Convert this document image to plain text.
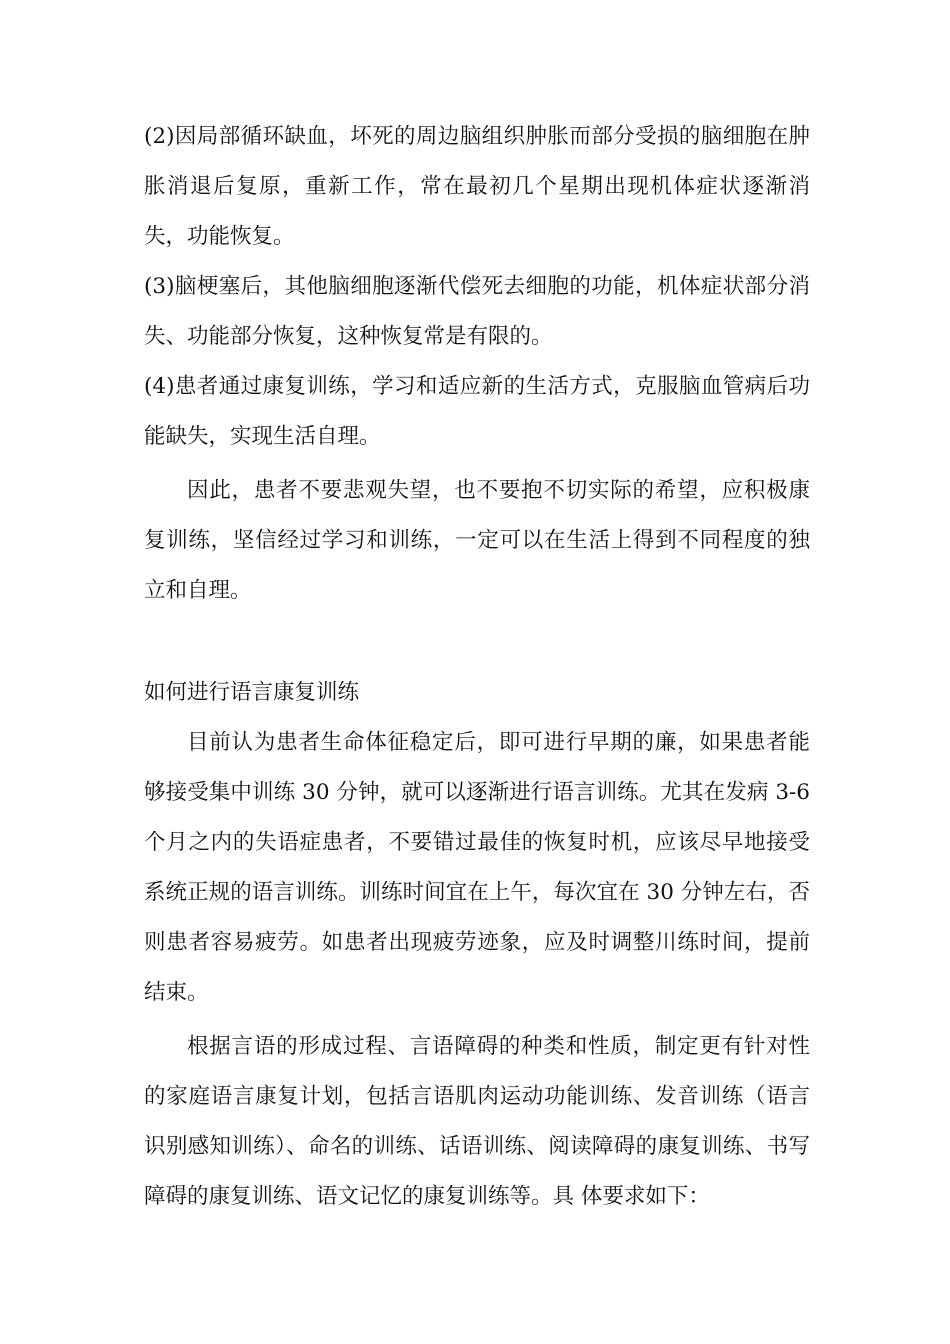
(2)因局部循环缺血，坏死的周边脑组织肿胀而部分受损的脑细胞在肿胀消退后复原，重新工作，常在最初几个星期出现机体症状逐渐消失，功能恢复。

(3)脑梗塞后，其他脑细胞逐渐代偿死去细胞的功能，机体症状部分消失、功能部分恢复，这种恢复常是有限的。

(4)患者通过康复训练，学习和适应新的生活方式，克服脑血管病后功能缺失，实现生活自理。

因此，患者不要悲观失望，也不要抱不切实际的希望，应积极康复训练，坚信经过学习和训练，一定可以在生活上得到不同程度的独立和自理。

如何进行语言康复训练

目前认为患者生命体征稳定后，即可进行早期的廉，如果患者能够接受集中训练 30 分钟，就可以逐渐进行语言训练。尤其在发病 3-6 个月之内的失语症患者，不要错过最佳的恢复时机，应该尽早地接受系统正规的语言训练。训练时间宜在上午，每次宜在 30 分钟左右，否则患者容易疲劳。如患者出现疲劳迹象，应及时调整川练时间，提前结束。

根据言语的形成过程、言语障碍的种类和性质，制定更有针对性的家庭语言康复计划，包括言语肌肉运动功能训练、发音训练（语言识别感知训练）、命名的训练、话语训练、阅读障碍的康复训练、书写障碍的康复训练、语文记忆的康复训练等。具 体要求如下：
